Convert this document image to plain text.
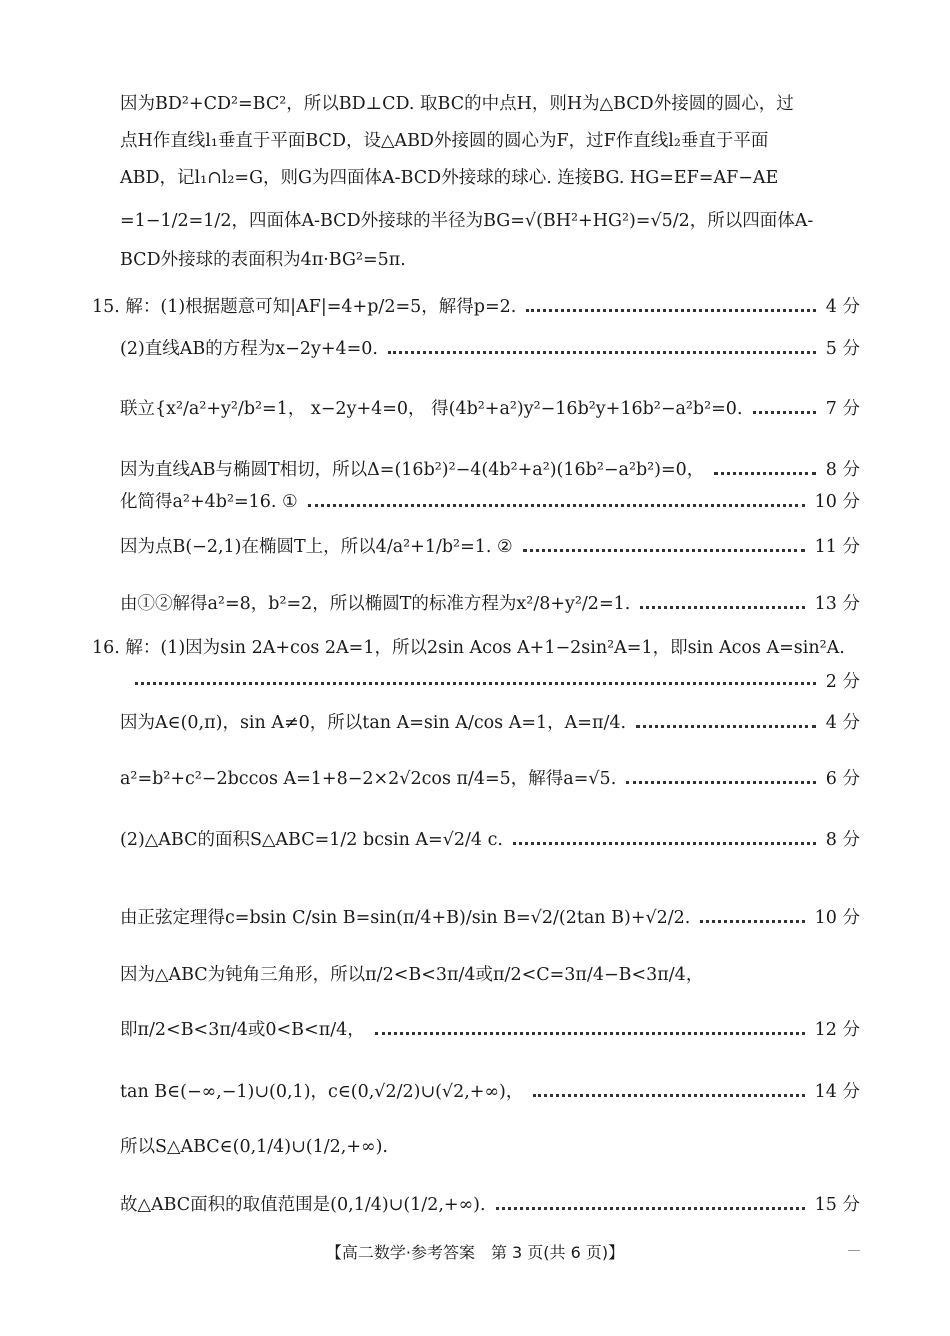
因为BD²+CD²=BC²，所以BD⊥CD. 取BC的中点H，则H为△BCD外接圆的圆心，过
点H作直线l₁垂直于平面BCD，设△ABD外接圆的圆心为F，过F作直线l₂垂直于平面
ABD，记l₁∩l₂=G，则G为四面体A-BCD外接球的球心. 连接BG. HG=EF=AF−AE
=1−1/2=1/2，四面体A-BCD外接球的半径为BG=√(BH²+HG²)=√5/2，所以四面体A-
BCD外接球的表面积为4π·BG²=5π.
15. 解：(1)根据题意可知|AF|=4+p/2=5，解得p=2.	4 分
(2)直线AB的方程为x−2y+4=0.	5 分
联立{x²/a²+y²/b²=1， x−2y+4=0， 得(4b²+a²)y²−16b²y+16b²−a²b²=0.	7 分
因为直线AB与椭圆T相切，所以Δ=(16b²)²−4(4b²+a²)(16b²−a²b²)=0，	8 分
化简得a²+4b²=16. ①	10 分
因为点B(−2,1)在椭圆T上，所以4/a²+1/b²=1. ②	11 分
由①②解得a²=8，b²=2，所以椭圆T的标准方程为x²/8+y²/2=1.	13 分
16. 解：(1)因为sin 2A+cos 2A=1，所以2sin Acos A+1−2sin²A=1，即sin Acos A=sin²A.
2 分
因为A∈(0,π)，sin A≠0，所以tan A=sin A/cos A=1，A=π/4.	4 分
a²=b²+c²−2bccos A=1+8−2×2√2cos π/4=5，解得a=√5.	6 分
(2)△ABC的面积S△ABC=1/2 bcsin A=√2/4 c.	8 分
由正弦定理得c=bsin C/sin B=sin(π/4+B)/sin B=√2/(2tan B)+√2/2.	10 分
因为△ABC为钝角三角形，所以π/2<B<3π/4或π/2<C=3π/4−B<3π/4，
即π/2<B<3π/4或0<B<π/4，	12 分
tan B∈(−∞,−1)∪(0,1)，c∈(0,√2/2)∪(√2,+∞)，	14 分
所以S△ABC∈(0,1/4)∪(1/2,+∞).
故△ABC面积的取值范围是(0,1/4)∪(1/2,+∞).	15 分
【高二数学·参考答案　第 3 页(共 6 页)】
